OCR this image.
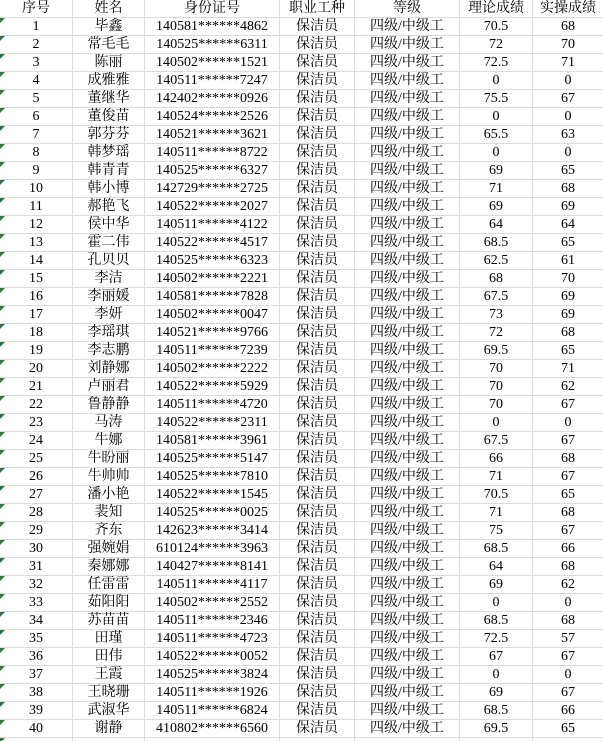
序号	姓名	身份证号	职业工种	等级	理论成绩	实操成绩
1	毕鑫	140581******4862	保洁员	四级/中级工	70.5	68
2	常毛毛	140525******6311	保洁员	四级/中级工	72	70
3	陈丽	140502******1521	保洁员	四级/中级工	72.5	71
4	成雅雅	140511******7247	保洁员	四级/中级工	0	0
5	董继华	142402******0926	保洁员	四级/中级工	75.5	67
6	董俊苗	140524******2526	保洁员	四级/中级工	0	0
7	郭芬芬	140521******3621	保洁员	四级/中级工	65.5	63
8	韩梦瑶	140511******8722	保洁员	四级/中级工	0	0
9	韩青青	140525******6327	保洁员	四级/中级工	69	65
10	韩小博	142729******2725	保洁员	四级/中级工	71	68
11	郝艳飞	140522******2027	保洁员	四级/中级工	69	69
12	侯中华	140511******4122	保洁员	四级/中级工	64	64
13	霍二伟	140522******4517	保洁员	四级/中级工	68.5	65
14	孔贝贝	140525******6323	保洁员	四级/中级工	62.5	61
15	李洁	140502******2221	保洁员	四级/中级工	68	70
16	李丽媛	140581******7828	保洁员	四级/中级工	67.5	69
17	李妍	140502******0047	保洁员	四级/中级工	73	69
18	李瑶琪	140521******9766	保洁员	四级/中级工	72	68
19	李志鹏	140511******7239	保洁员	四级/中级工	69.5	65
20	刘静娜	140502******2222	保洁员	四级/中级工	70	71
21	卢丽君	140522******5929	保洁员	四级/中级工	70	62
22	鲁静静	140511******4720	保洁员	四级/中级工	70	67
23	马涛	140522******2311	保洁员	四级/中级工	0	0
24	牛娜	140581******3961	保洁员	四级/中级工	67.5	67
25	牛盼丽	140525******5147	保洁员	四级/中级工	66	68
26	牛帅帅	140525******7810	保洁员	四级/中级工	71	67
27	潘小艳	140522******1545	保洁员	四级/中级工	70.5	65
28	裴知	140525******0025	保洁员	四级/中级工	71	68
29	齐东	142623******3414	保洁员	四级/中级工	75	67
30	强婉娟	610124******3963	保洁员	四级/中级工	68.5	66
31	秦娜娜	140427******8141	保洁员	四级/中级工	64	68
32	任雷雷	140511******4117	保洁员	四级/中级工	69	62
33	茹阳阳	140502******2552	保洁员	四级/中级工	0	0
34	苏苗苗	140511******2346	保洁员	四级/中级工	68.5	68
35	田瑾	140511******4723	保洁员	四级/中级工	72.5	57
36	田伟	140522******0052	保洁员	四级/中级工	67	67
37	王霞	140525******3824	保洁员	四级/中级工	0	0
38	王晓珊	140511******1926	保洁员	四级/中级工	69	67
39	武淑华	140511******6824	保洁员	四级/中级工	68.5	66
40	谢静	410802******6560	保洁员	四级/中级工	69.5	65
